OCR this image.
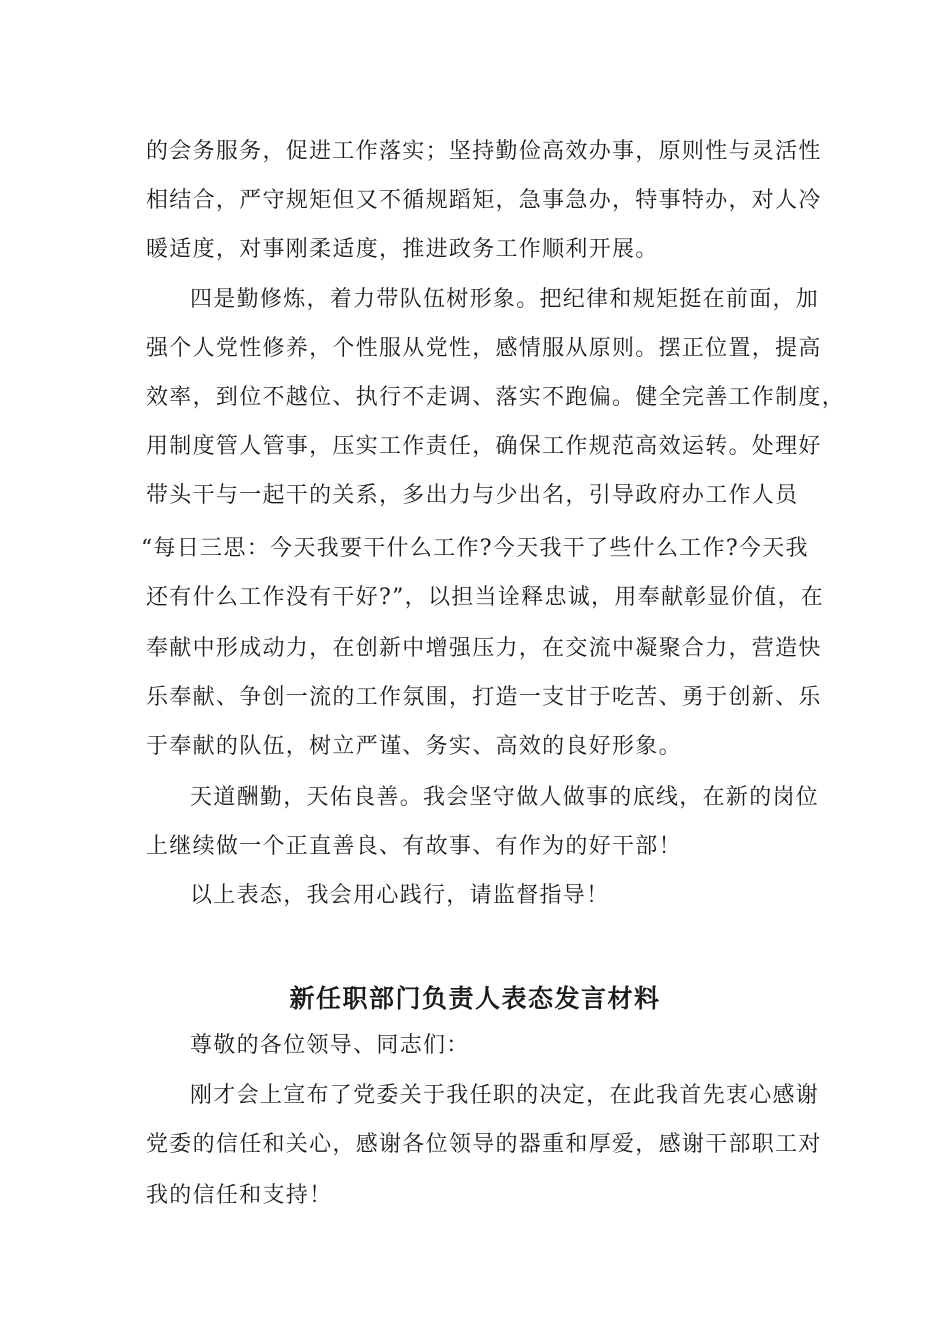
的会务服务，促进工作落实；坚持勤俭高效办事，原则性与灵活性
相结合，严守规矩但又不循规蹈矩，急事急办，特事特办，对人冷
暖适度，对事刚柔适度，推进政务工作顺利开展。
四是勤修炼，着力带队伍树形象。把纪律和规矩挺在前面，加
强个人党性修养，个性服从党性，感情服从原则。摆正位置，提高
效率，到位不越位、执行不走调、落实不跑偏。健全完善工作制度，
用制度管人管事，压实工作责任，确保工作规范高效运转。处理好
带头干与一起干的关系，多出力与少出名，引导政府办工作人员
“每日三思：今天我要干什么工作?今天我干了些什么工作?今天我
还有什么工作没有干好?”，以担当诠释忠诚，用奉献彰显价值，在
奉献中形成动力，在创新中增强压力，在交流中凝聚合力，营造快
乐奉献、争创一流的工作氛围，打造一支甘于吃苦、勇于创新、乐
于奉献的队伍，树立严谨、务实、高效的良好形象。
天道酬勤，天佑良善。我会坚守做人做事的底线，在新的岗位
上继续做一个正直善良、有故事、有作为的好干部！
以上表态，我会用心践行，请监督指导！
新任职部门负责人表态发言材料
尊敬的各位领导、同志们：
刚才会上宣布了党委关于我任职的决定，在此我首先衷心感谢
党委的信任和关心，感谢各位领导的器重和厚爱，感谢干部职工对
我的信任和支持！
